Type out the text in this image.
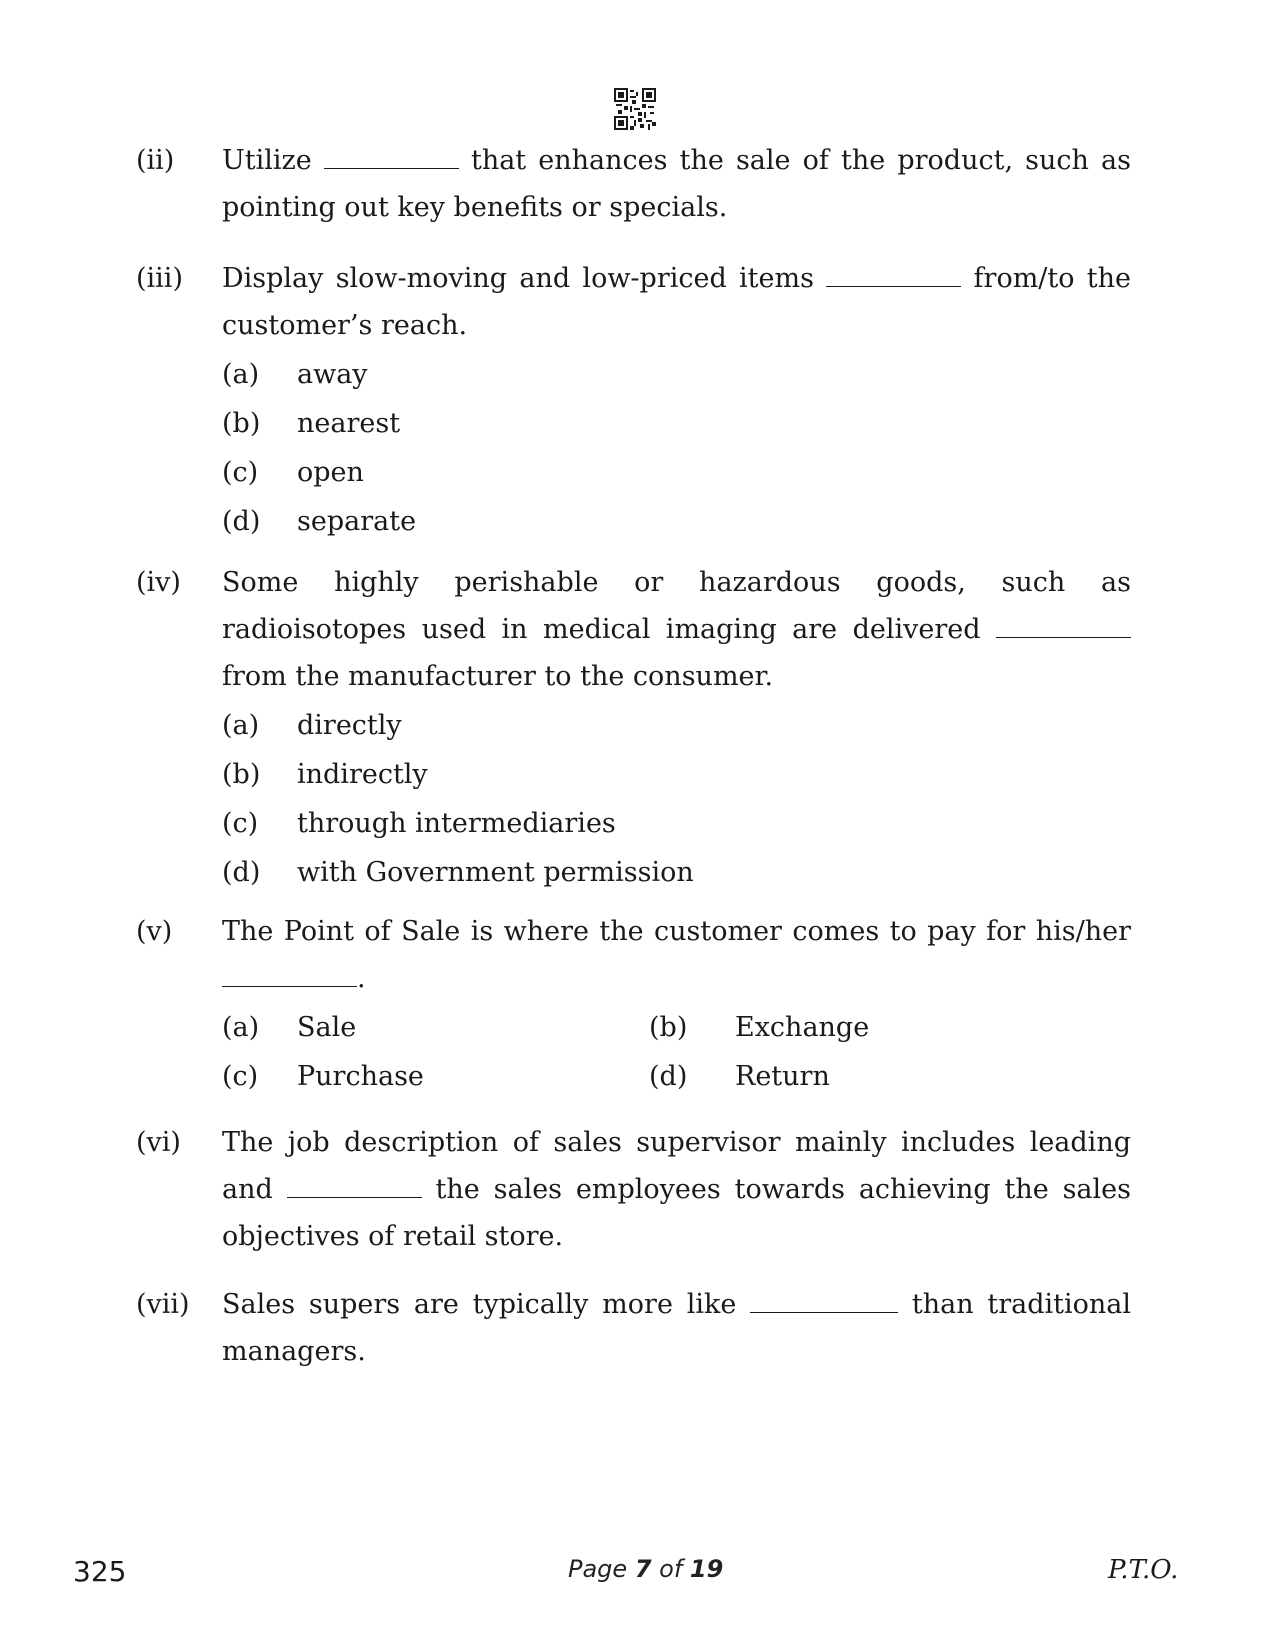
(ii)	Utilize	that enhances the sale of the product, such as pointing out key benefits or specials.
(iii)	Display slow-moving and low-priced items	from/to the customer’s reach.
(a) away
(b) nearest
(c) open
(d) separate
(iv)	Some highly perishable or hazardous goods, such as radioisotopes used in medical imaging are delivered  from the manufacturer to the consumer.
(a) directly
(b) indirectly
(c) through intermediaries
(d) with Government permission
(v)	The Point of Sale is where the customer comes to pay for his/her .
(a) Sale	(b) Exchange
(c) Purchase	(d) Return
(vi)	The job description of sales supervisor mainly includes leading and	the sales employees towards achieving the sales objectives of retail store.
(vii)	Sales supers are typically more like	than traditional managers.
325	Page 7 of 19	P.T.O.
